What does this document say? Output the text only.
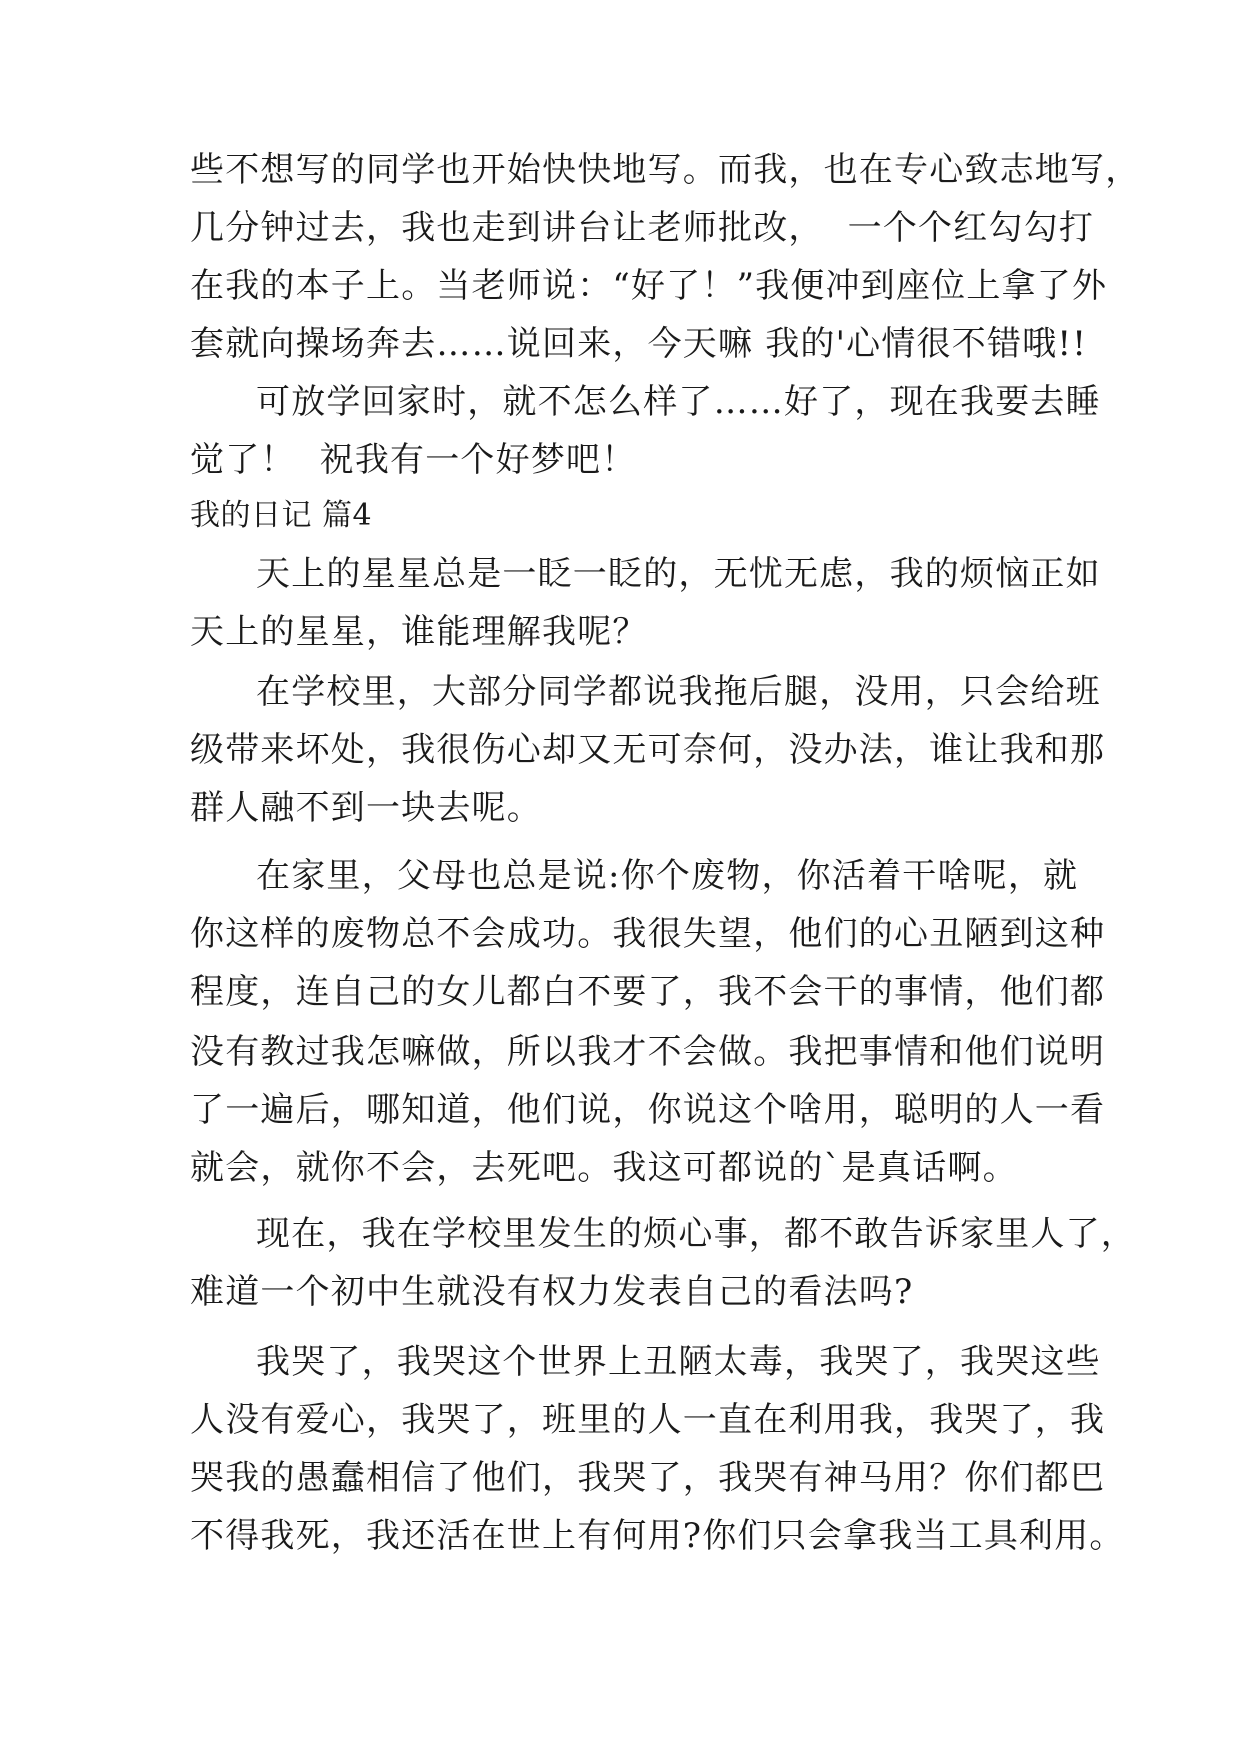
些不想写的同学也开始快快地写。而我，也在专心致志地写，
几分钟过去，我也走到讲台让老师批改，  一个个红勾勾打
在我的本子上。当老师说：“好了！”我便冲到座位上拿了外
套就向操场奔去……说回来，今天嘛 我的'心情很不错哦!!
可放学回家时，就不怎么样了……好了，现在我要去睡
觉了！  祝我有一个好梦吧！
我的日记 篇4
天上的星星总是一眨一眨的，无忧无虑，我的烦恼正如
天上的星星，谁能理解我呢？
在学校里，大部分同学都说我拖后腿，没用，只会给班
级带来坏处，我很伤心却又无可奈何，没办法，谁让我和那
群人融不到一块去呢。
在家里，父母也总是说:你个废物，你活着干啥呢，就
你这样的废物总不会成功。我很失望，他们的心丑陋到这种
程度，连自己的女儿都白不要了，我不会干的事情，他们都
没有教过我怎嘛做，所以我才不会做。我把事情和他们说明
了一遍后，哪知道，他们说，你说这个啥用，聪明的人一看
就会，就你不会，去死吧。我这可都说的`是真话啊。
现在，我在学校里发生的烦心事，都不敢告诉家里人了，
难道一个初中生就没有权力发表自己的看法吗?
我哭了，我哭这个世界上丑陋太毒，我哭了，我哭这些
人没有爱心，我哭了，班里的人一直在利用我，我哭了，我
哭我的愚蠢相信了他们，我哭了，我哭有神马用？你们都巴
不得我死，我还活在世上有何用?你们只会拿我当工具利用。
